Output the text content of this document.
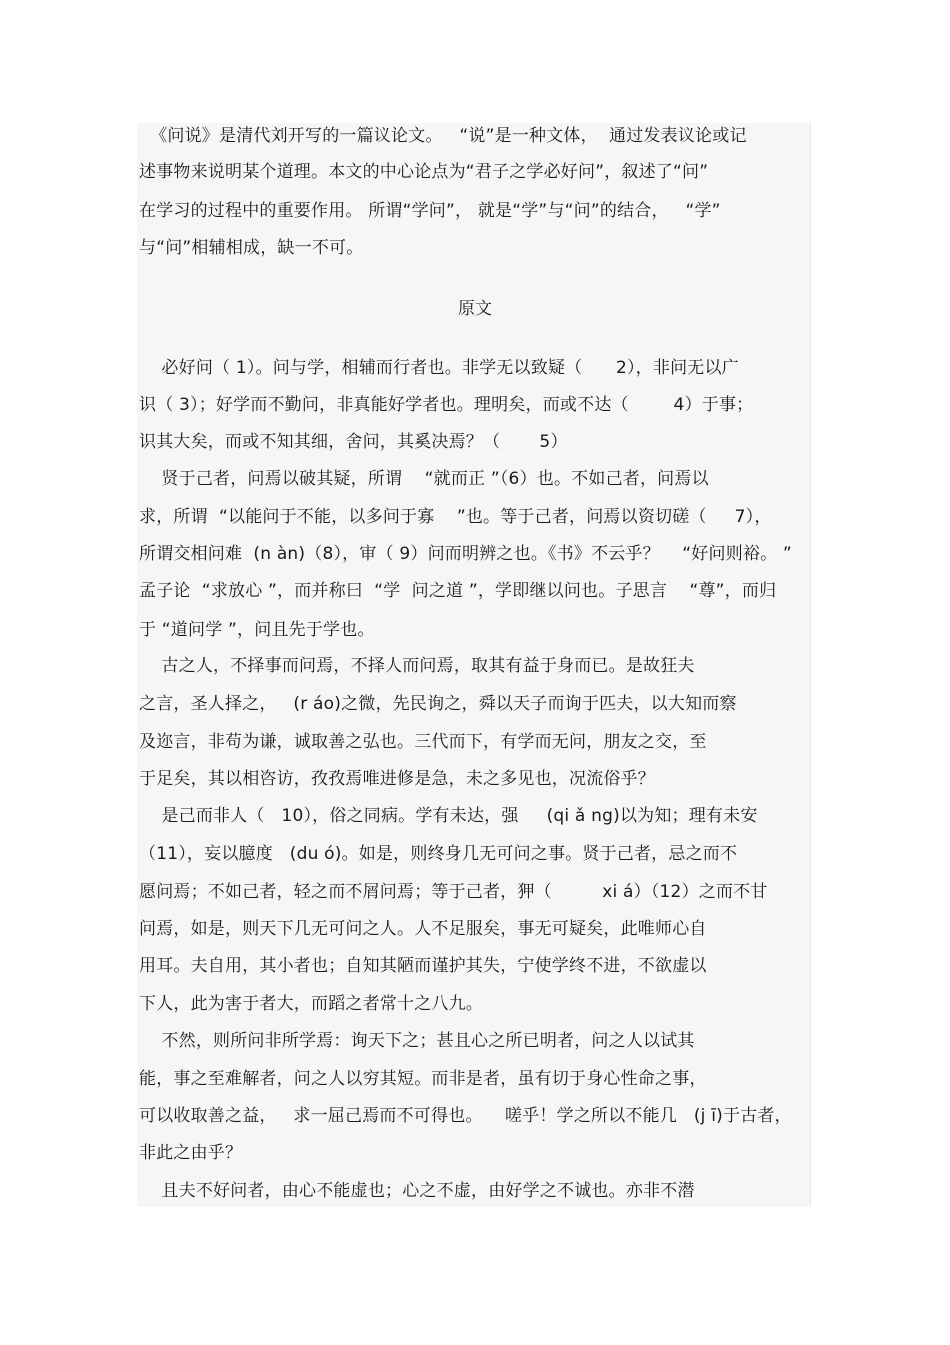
《问说》是清代刘开写的一篇议论文。   “说”是一种文体，  通过发表议论或记
述事物来说明某个道理。本文的中心论点为“君子之学必好问”，叙述了“问”
在学习的过程中的重要作用。 所谓“学问”， 就是“学”与“问”的结合，   “学”
与“问”相辅相成，缺一不可。
原文
必好问（ 1）。问与学，相辅而行者也。非学无以致疑（      2），非问无以广
识（ 3）；好学而不勤问，非真能好学者也。理明矣，而或不达（        4）于事；
识其大矣，而或不知其细，舍问，其奚决焉？（       5）
贤于己者，问焉以破其疑，所谓    “就而正 ”（6）也。不如己者，问焉以
求，所谓  “以能问于不能，以多问于寡    ”也。等于己者，问焉以资切磋（     7），
所谓交相问难  (n àn)（8），审（ 9）问而明辨之也。《书》不云乎？    “好问则裕。 ”
孟子论  “求放心 ”，而并称曰  “学  问之道 ”，学即继以问也。子思言    “尊”，而归
于 “道问学 ”，问且先于学也。
古之人，不择事而问焉，不择人而问焉，取其有益于身而已。是故狂夫
之言，圣人择之，   (r áo)之微，先民询之，舜以天子而询于匹夫，以大知而察
及迩言，非苟为谦，诚取善之弘也。三代而下，有学而无问，朋友之交，至
于足矣，其以相咨访，孜孜焉唯进修是急，未之多见也，况流俗乎？
是己而非人（   10），俗之同病。学有未达，强     (qi ǎ ng)以为知；理有未安
（11），妄以臆度   (du ó)。如是，则终身几无可问之事。贤于己者，忌之而不
愿问焉；不如己者，轻之而不屑问焉；等于己者，狎（         xi á）（12）之而不甘
问焉，如是，则天下几无可问之人。人不足服矣，事无可疑矣，此唯师心自
用耳。夫自用，其小者也；自知其陋而谨护其失，宁使学终不进，不欲虚以
下人，此为害于者大，而蹈之者常十之八九。
不然，则所问非所学焉：询天下之；甚且心之所已明者，问之人以试其
能，事之至难解者，问之人以穷其短。而非是者，虽有切于身心性命之事，
可以收取善之益，   求一屈己焉而不可得也。    嗟乎！学之所以不能几   (j ī)于古者，
非此之由乎？
且夫不好问者，由心不能虚也；心之不虚，由好学之不诚也。亦非不潜
